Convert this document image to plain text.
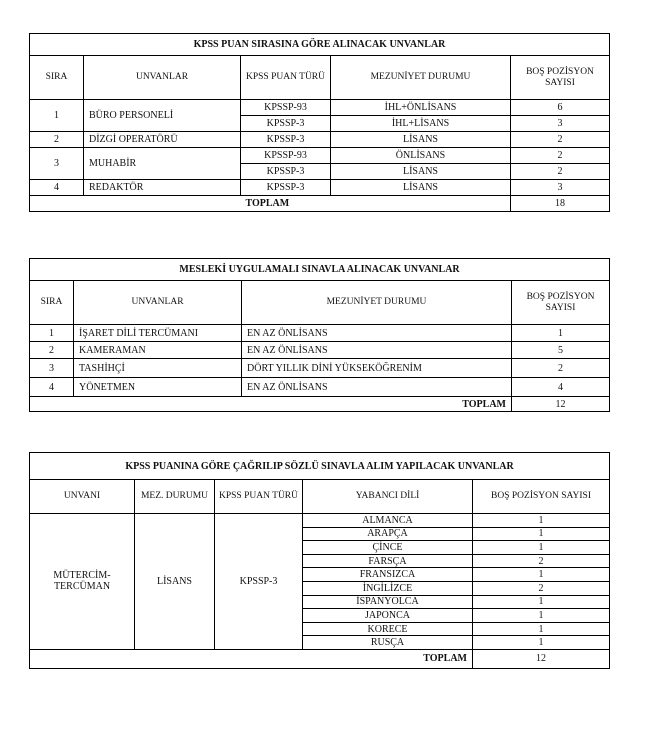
KPSS PUAN SIRASINA GÖRE ALINACAK UNVANLAR				
SIRA	UNVANLAR	KPSS PUAN TÜRÜ	MEZUNİYET DURUMU	BOŞ POZİSYON SAYISI
1	BÜRO PERSONELİ	KPSSP-93	İHL+ÖNLİSANS	6
		KPSSP-3	İHL+LİSANS	3
2	DİZGİ OPERATÖRÜ	KPSSP-3	LİSANS	2
3	MUHABİR	KPSSP-93	ÖNLİSANS	2
		KPSSP-3	LİSANS	2
4	REDAKTÖR	KPSSP-3	LİSANS	3
		TOPLAM		18
MESLEKİ UYGULAMALI SINAVLA ALINACAK UNVANLAR			
SIRA	UNVANLAR	MEZUNİYET DURUMU	BOŞ POZİSYON SAYISI
1	İŞARET DİLİ TERCÜMANI	EN AZ ÖNLİSANS	1
2	KAMERAMAN	EN AZ ÖNLİSANS	5
3	TASHİHÇİ	DÖRT YILLIK DİNİ YÜKSEKÖĞRENİM	2
4	YÖNETMEN	EN AZ ÖNLİSANS	4
TOPLAM			12
KPSS PUANINA GÖRE ÇAĞRILIP SÖZLÜ SINAVLA ALIM YAPILACAK UNVANLAR				
UNVANI	MEZ. DURUMU	KPSS PUAN TÜRÜ	YABANCI DİLİ	BOŞ POZİSYON SAYISI
MÜTERCİM-TERCÜMAN	LİSANS	KPSSP-3	ALMANCA	1
			ARAPÇA	1
			ÇİNCE	1
			FARSÇA	2
			FRANSIZCA	1
			İNGİLİZCE	2
			İSPANYOLCA	1
			JAPONCA	1
			KORECE	1
			RUSÇA	1
TOPLAM				12
